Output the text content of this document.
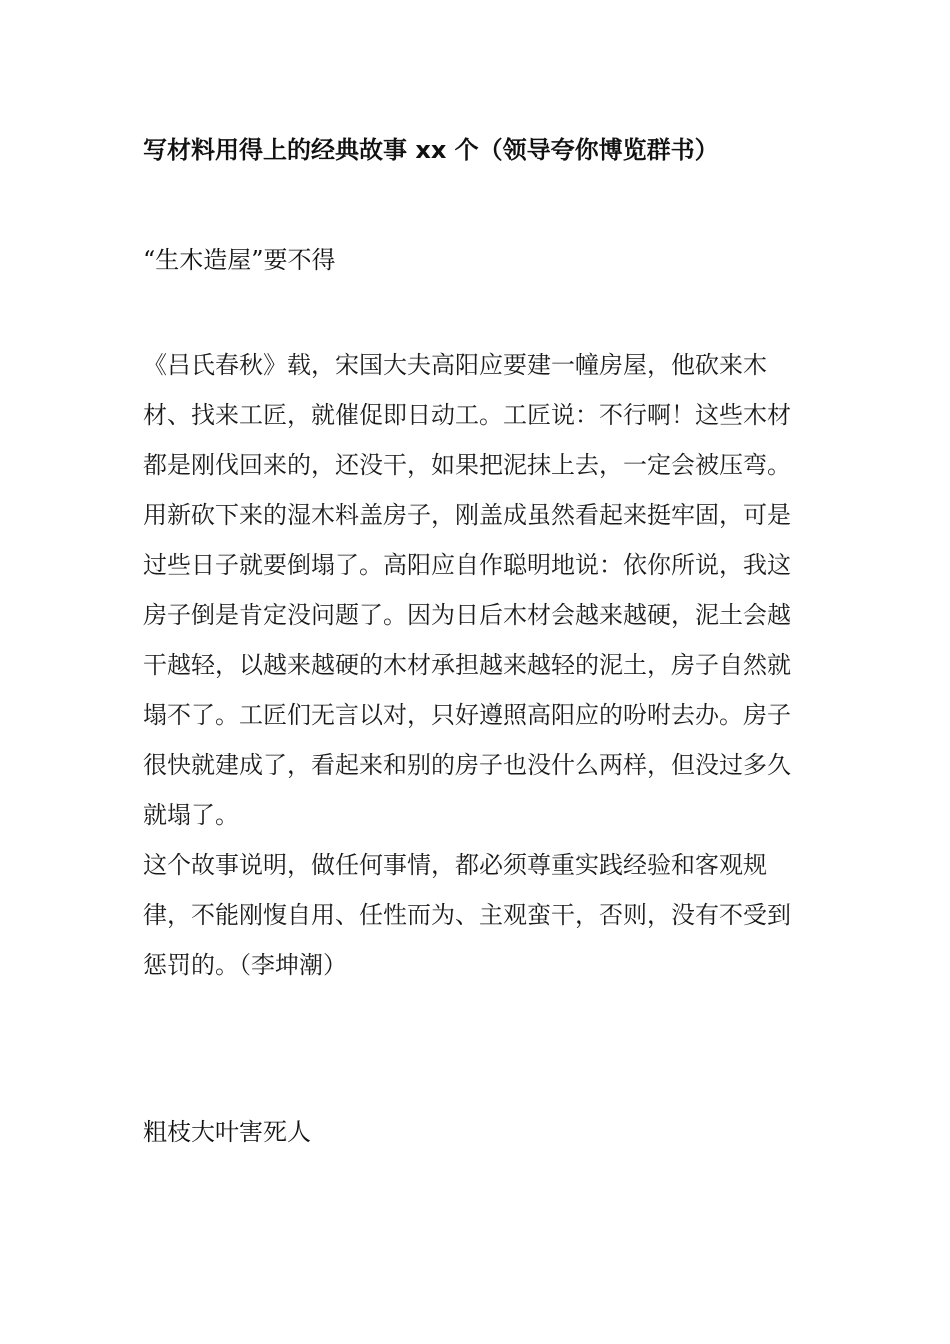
写材料用得上的经典故事 xx 个（领导夸你博览群书）
“生木造屋”要不得

《吕氏春秋》载，宋国大夫高阳应要建一幢房屋，他砍来木材、找来工匠，就催促即日动工。工匠说：不行啊！这些木材都是刚伐回来的，还没干，如果把泥抹上去，一定会被压弯。用新砍下来的湿木料盖房子，刚盖成虽然看起来挺牢固，可是过些日子就要倒塌了。高阳应自作聪明地说：依你所说，我这房子倒是肯定没问题了。因为日后木材会越来越硬，泥土会越干越轻，以越来越硬的木材承担越来越轻的泥土，房子自然就塌不了。工匠们无言以对，只好遵照高阳应的吩咐去办。房子很快就建成了，看起来和别的房子也没什么两样，但没过多久就塌了。

这个故事说明，做任何事情，都必须尊重实践经验和客观规律，不能刚愎自用、任性而为、主观蛮干，否则，没有不受到惩罚的。（李坤潮）

粗枝大叶害死人
